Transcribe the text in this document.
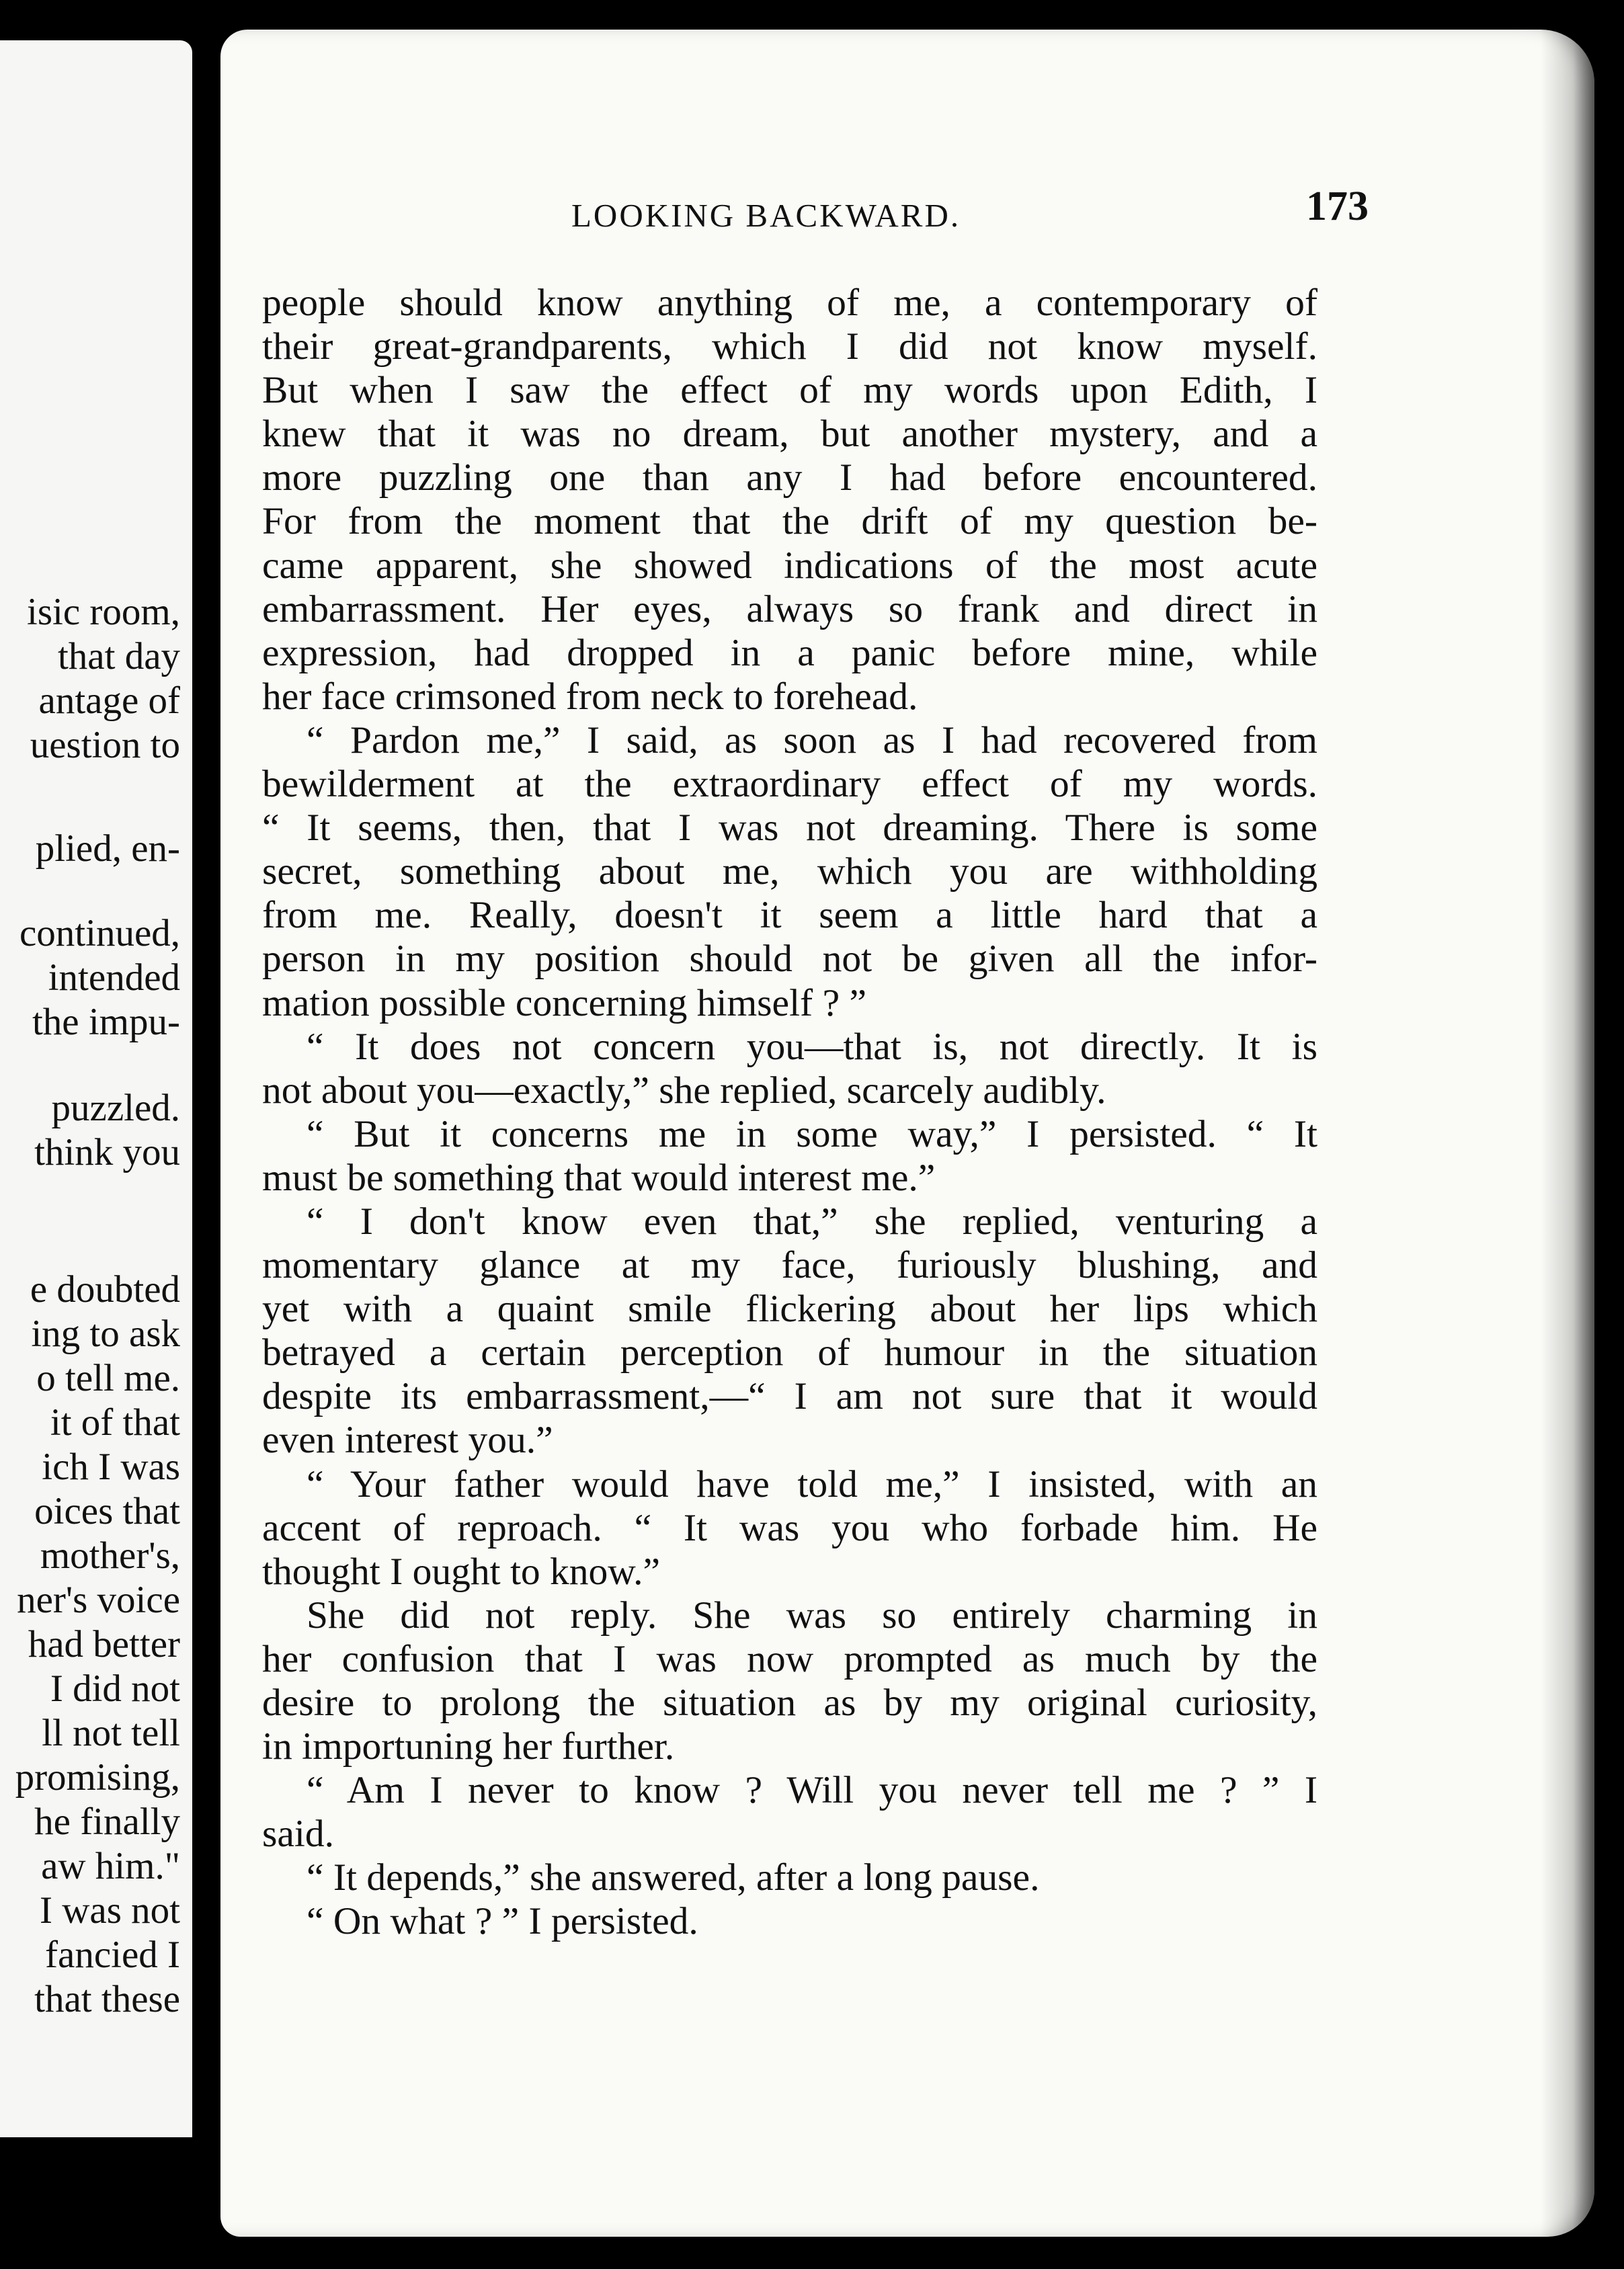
isic room,
that day
antage of
uestion to
plied, en-
continued,
intended
the impu-
puzzled.
think you
e doubted
ing to ask
o tell me.
it of that
ich I was
oices that
mother's,
ner's voice
had better
I did not
ll not tell
promising,
he finally
aw him."
I was not
fancied I
that these
LOOKING BACKWARD.	173
people should know anything of me, a contemporary of
their great-grandparents, which I did not know myself.
But when I saw the effect of my words upon Edith, I
knew that it was no dream, but another mystery, and a
more puzzling one than any I had before encountered.
For from the moment that the drift of my question be-
came apparent, she showed indications of the most acute
embarrassment. Her eyes, always so frank and direct in
expression, had dropped in a panic before mine, while
her face crimsoned from neck to forehead.
“ Pardon me,” I said, as soon as I had recovered from
bewilderment at the extraordinary effect of my words.
“ It seems, then, that I was not dreaming. There is some
secret, something about me, which you are withholding
from me. Really, doesn't it seem a little hard that a
person in my position should not be given all the infor-
mation possible concerning himself ? ”
“ It does not concern you—that is, not directly. It is
not about you—exactly,” she replied, scarcely audibly.
“ But it concerns me in some way,” I persisted. “ It
must be something that would interest me.”
“ I don't know even that,” she replied, venturing a
momentary glance at my face, furiously blushing, and
yet with a quaint smile flickering about her lips which
betrayed a certain perception of humour in the situation
despite its embarrassment,—“ I am not sure that it would
even interest you.”
“ Your father would have told me,” I insisted, with an
accent of reproach. “ It was you who forbade him. He
thought I ought to know.”
She did not reply. She was so entirely charming in
her confusion that I was now prompted as much by the
desire to prolong the situation as by my original curiosity,
in importuning her further.
“ Am I never to know ? Will you never tell me ? ” I
said.
“ It depends,” she answered, after a long pause.
“ On what ? ” I persisted.
